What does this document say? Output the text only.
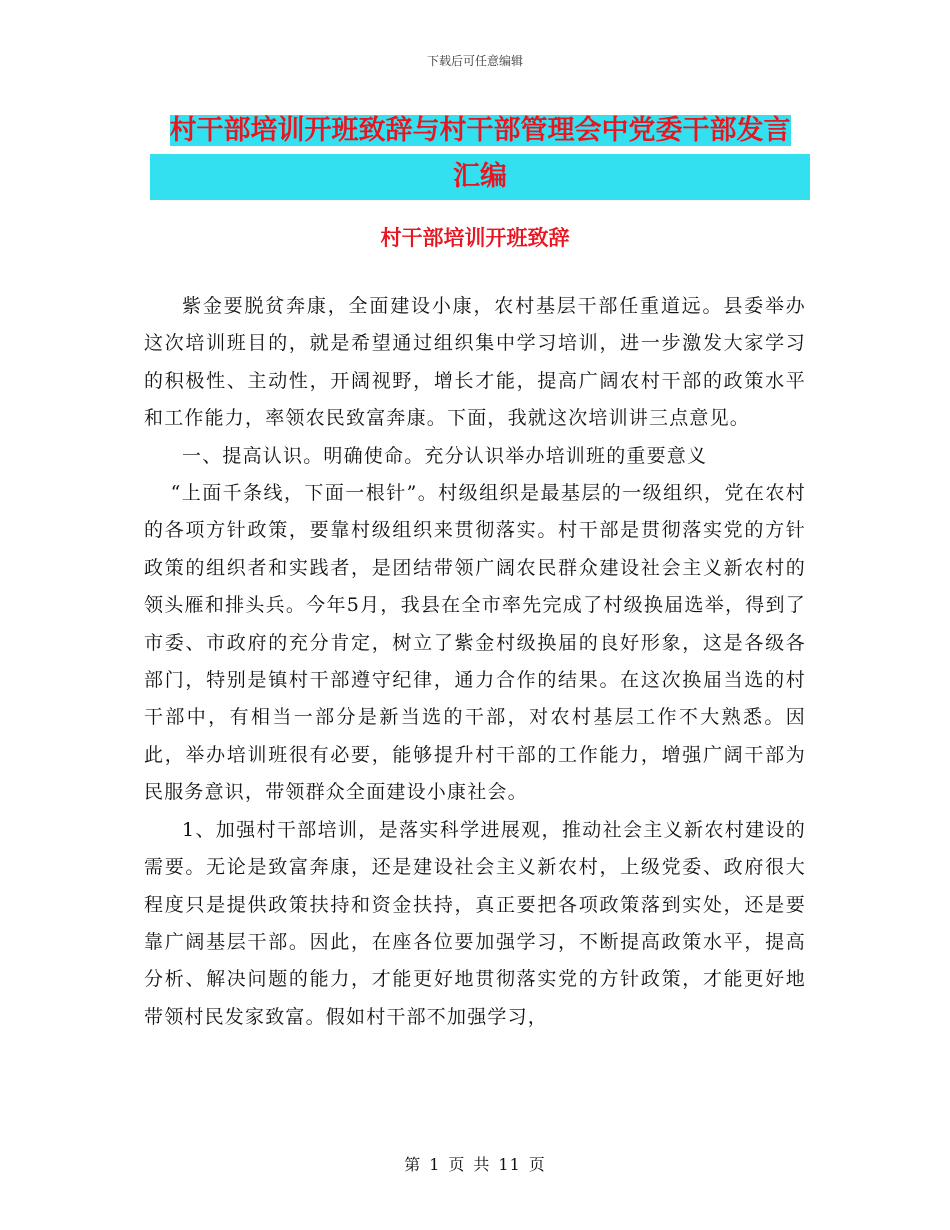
下载后可任意编辑
村干部培训开班致辞与村干部管理会中党委干部发言
汇编
村干部培训开班致辞

紫金要脱贫奔康，全面建设小康，农村基层干部任重道远。县委举办这次培训班目的，就是希望通过组织集中学习培训，进一步激发大家学习的积极性、主动性，开阔视野，增长才能，提高广阔农村干部的政策水平和工作能力，率领农民致富奔康。下面，我就这次培训讲三点意见。

一、提高认识。明确使命。充分认识举办培训班的重要意义

“上面千条线，下面一根针”。村级组织是最基层的一级组织，党在农村的各项方针政策，要靠村级组织来贯彻落实。村干部是贯彻落实党的方针政策的组织者和实践者，是团结带领广阔农民群众建设社会主义新农村的领头雁和排头兵。今年5月，我县在全市率先完成了村级换届选举，得到了市委、市政府的充分肯定，树立了紫金村级换届的良好形象，这是各级各部门，特别是镇村干部遵守纪律，通力合作的结果。在这次换届当选的村干部中，有相当一部分是新当选的干部，对农村基层工作不大熟悉。因此，举办培训班很有必要，能够提升村干部的工作能力，增强广阔干部为民服务意识，带领群众全面建设小康社会。

1、加强村干部培训，是落实科学进展观，推动社会主义新农村建设的需要。无论是致富奔康，还是建设社会主义新农村，上级党委、政府很大程度只是提供政策扶持和资金扶持，真正要把各项政策落到实处，还是要靠广阔基层干部。因此，在座各位要加强学习，不断提高政策水平，提高分析、解决问题的能力，才能更好地贯彻落实党的方针政策，才能更好地带领村民发家致富。假如村干部不加强学习，

第 1 页 共 11 页
